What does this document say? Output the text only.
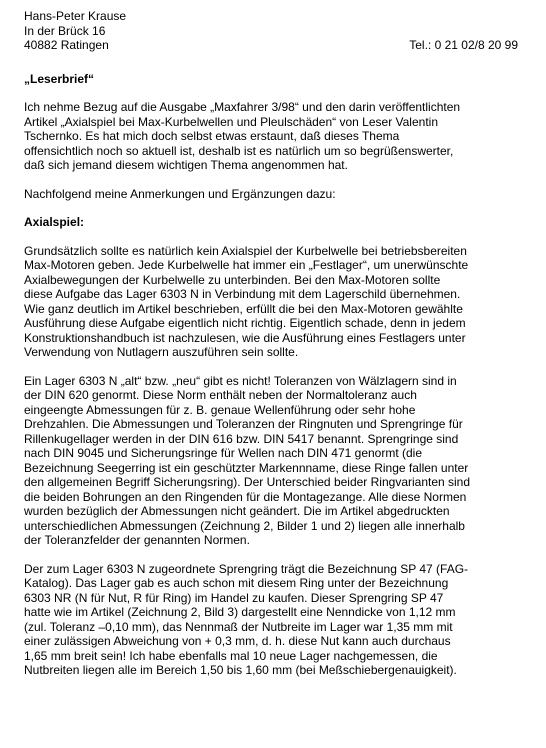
Hans-Peter Krause
In der Brück 16
40882 Ratingen	Tel.: 0 21 02/8 20 99
„Leserbrief“
Ich nehme Bezug auf die Ausgabe „Maxfahrer 3/98“ und den darin veröffentlichten
Artikel „Axialspiel bei Max-Kurbelwellen und Pleulschäden“ von Leser Valentin
Tschernko. Es hat mich doch selbst etwas erstaunt, daß dieses Thema
offensichtlich noch so aktuell ist, deshalb ist es natürlich um so begrüßenswerter,
daß sich jemand diesem wichtigen Thema angenommen hat.
Nachfolgend meine Anmerkungen und Ergänzungen dazu:
Axialspiel:
Grundsätzlich sollte es natürlich kein Axialspiel der Kurbelwelle bei betriebsbereiten
Max-Motoren geben. Jede Kurbelwelle hat immer ein „Festlager“, um unerwünschte
Axialbewegungen der Kurbelwelle zu unterbinden. Bei den Max-Motoren sollte
diese Aufgabe das Lager 6303 N in Verbindung mit dem Lagerschild übernehmen.
Wie ganz deutlich im Artikel beschrieben, erfüllt die bei den Max-Motoren gewählte
Ausführung diese Aufgabe eigentlich nicht richtig. Eigentlich schade, denn in jedem
Konstruktionshandbuch ist nachzulesen, wie die Ausführung eines Festlagers unter
Verwendung von Nutlagern auszuführen sein sollte.
Ein Lager 6303 N „alt“ bzw. „neu“ gibt es nicht! Toleranzen von Wälzlagern sind in
der DIN 620 genormt. Diese Norm enthält neben der Normaltoleranz auch
eingeengte Abmessungen für z. B. genaue Wellenführung oder sehr hohe
Drehzahlen. Die Abmessungen und Toleranzen der Ringnuten und Sprengringe für
Rillenkugellager werden in der DIN 616 bzw. DIN 5417 benannt. Sprengringe sind
nach DIN 9045 und Sicherungsringe für Wellen nach DIN 471 genormt (die
Bezeichnung Seegerring ist ein geschützter Markennname, diese Ringe fallen unter
den allgemeinen Begriff Sicherungsring). Der Unterschied beider Ringvarianten sind
die beiden Bohrungen an den Ringenden für die Montagezange. Alle diese Normen
wurden bezüglich der Abmessungen nicht geändert. Die im Artikel abgedruckten
unterschiedlichen Abmessungen (Zeichnung 2, Bilder 1 und 2) liegen alle innerhalb
der Toleranzfelder der genannten Normen.
Der zum Lager 6303 N zugeordnete Sprengring trägt die Bezeichnung SP 47 (FAG-
Katalog). Das Lager gab es auch schon mit diesem Ring unter der Bezeichnung
6303 NR (N für Nut, R für Ring) im Handel zu kaufen. Dieser Sprengring SP 47
hatte wie im Artikel (Zeichnung 2, Bild 3) dargestellt eine Nenndicke von 1,12 mm
(zul. Toleranz –0,10 mm), das Nennmaß der Nutbreite im Lager war 1,35 mm mit
einer zulässigen Abweichung von + 0,3 mm, d. h. diese Nut kann auch durchaus
1,65 mm breit sein! Ich habe ebenfalls mal 10 neue Lager nachgemessen, die
Nutbreiten liegen alle im Bereich 1,50 bis 1,60 mm (bei Meßschiebergenauigkeit).
